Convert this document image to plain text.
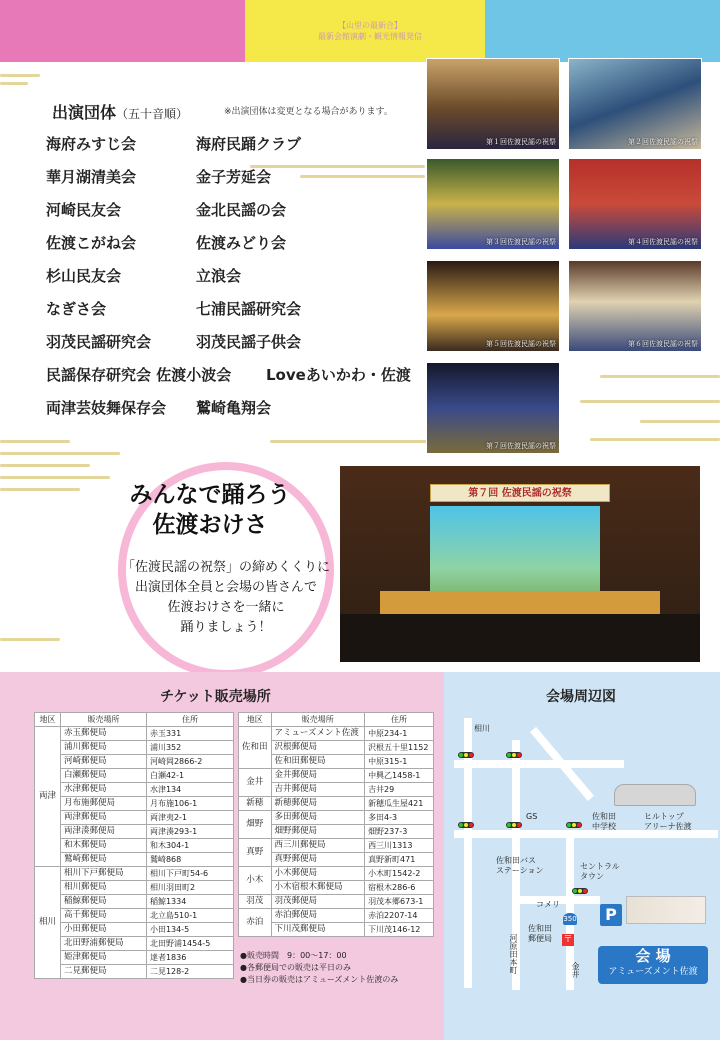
【山里の最新合】
最新会館演劇・観光情報発信
出演団体（五十音順）	※出演団体は変更となる場合があります。
海府みすじ会	海府民踊クラブ
華月湖清美会	金子芳延会
河崎民友会	金北民謡の会
佐渡こがね会	佐渡みどり会
杉山民友会	立浪会
なぎさ会	七浦民謡研究会
羽茂民謡研究会	羽茂民謡子供会
民謡保存研究会 佐渡小波会 Loveあいかわ・佐渡
両津芸妓舞保存会 鷲崎亀翔会
第１回佐渡民謡の祝祭	第２回佐渡民謡の祝祭
第３回佐渡民謡の祝祭	第４回佐渡民謡の祝祭
第５回佐渡民謡の祝祭	第６回佐渡民謡の祝祭
第７回佐渡民謡の祝祭
第７回 佐渡民謡の祝祭
みんなで踊ろう
佐渡おけさ
「佐渡民謡の祝祭」の締めくくりに
出演団体全員と会場の皆さんで
佐渡おけさを一緒に
踊りましょう！
チケット販売場所
地区	販売場所	住所
両津	赤玉郵便局	赤玉331
	浦川郵便局	浦川352
	河崎郵便局	河崎岡2866-2
	白瀬郵便局	白瀬42-1
	水津郵便局	水津134
	月布施郵便局	月布施106-1
	両津郵便局	両津夷2-1
	両津湊郵便局	両津湊293-1
	和木郵便局	和木304-1
	鷲崎郵便局	鷲崎868
相川	相川下戸郵便局	相川下戸町54-6
	相川郵便局	相川羽田町2
	稲鯨郵便局	稲鯨1334
	高千郵便局	北立島510-1
	小田郵便局	小田134-5
	北田野浦郵便局	北田野浦1454-5
	姫津郵便局	達者1836
	二見郵便局	二見128-2
地区	販売場所	住所
佐和田	アミューズメント佐渡	中原234-1
	沢根郵便局	沢根五十里1152
	佐和田郵便局	中原315-1
金井	金井郵便局	中興乙1458-1
	吉井郵便局	吉井29
新穂	新穂郵便局	新穂瓜生屋421
畑野	多田郵便局	多田4-3
	畑野郵便局	畑野237-3
真野	西三川郵便局	西三川1313
	真野郵便局	真野新町471
小木	小木郵便局	小木町1542-2
	小木宿根木郵便局	宿根木286-6
羽茂	羽茂郵便局	羽茂本郷673-1
赤泊	赤泊郵便局	赤泊2207-14
	下川茂郵便局	下川茂146-12
●販売時間　9：00～17：00
●各郵便局での販売は平日のみ
●当日券の販売はアミューズメント佐渡のみ
会場周辺図
相川
GS	ヒルトップ
アリーナ佐渡
佐和田
中学校
佐和田バス
ステーション	セントラル
タウン
コメリ
佐和田
郵便局
350
〒
河原田本町	金井
P
会 場
アミューズメント佐渡
